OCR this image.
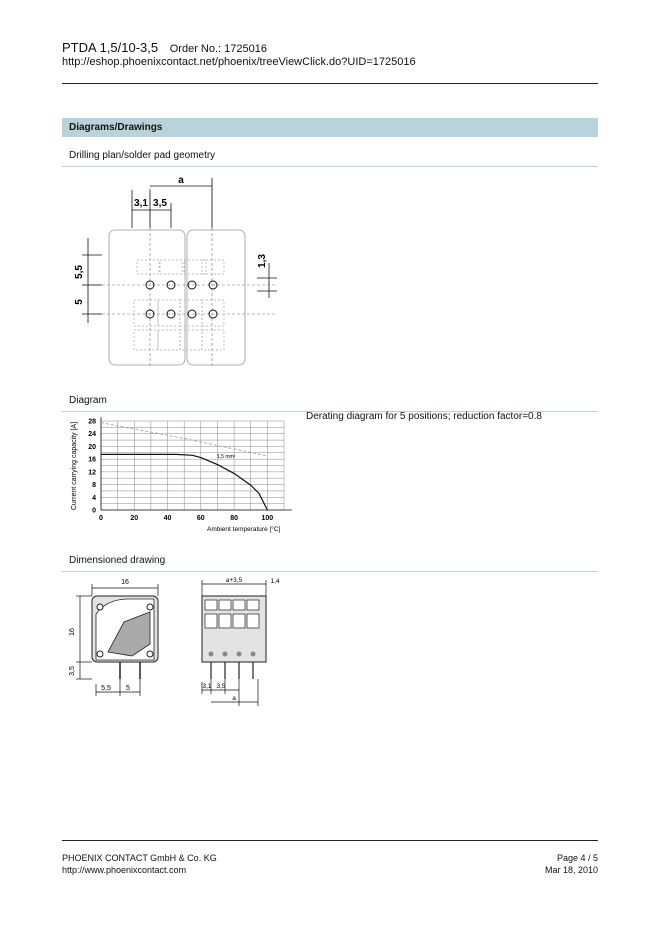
PTDA 1,5/10-3,5 Order No.: 1725016
http://eshop.phoenixcontact.net/phoenix/treeViewClick.do?UID=1725016
Diagrams/Drawings
Drilling plan/solder pad geometry
a
3,1 3,5
5,5
5
1,3
Diagram
Derating diagram for 5 positions; reduction factor=0.8
0
4
8
12
16
20
24
28
0	20	40	60	80	100
Current carrying capacity [A]
Ambient temperature [°C]
1,5 mm²
Dimensioned drawing
16
16
3,5
5,5 5
a+3,5	1,4
3,1 3,5
a
PHOENIX CONTACT GmbH & Co. KG
http://www.phoenixcontact.com
Page 4 / 5
Mar 18, 2010
